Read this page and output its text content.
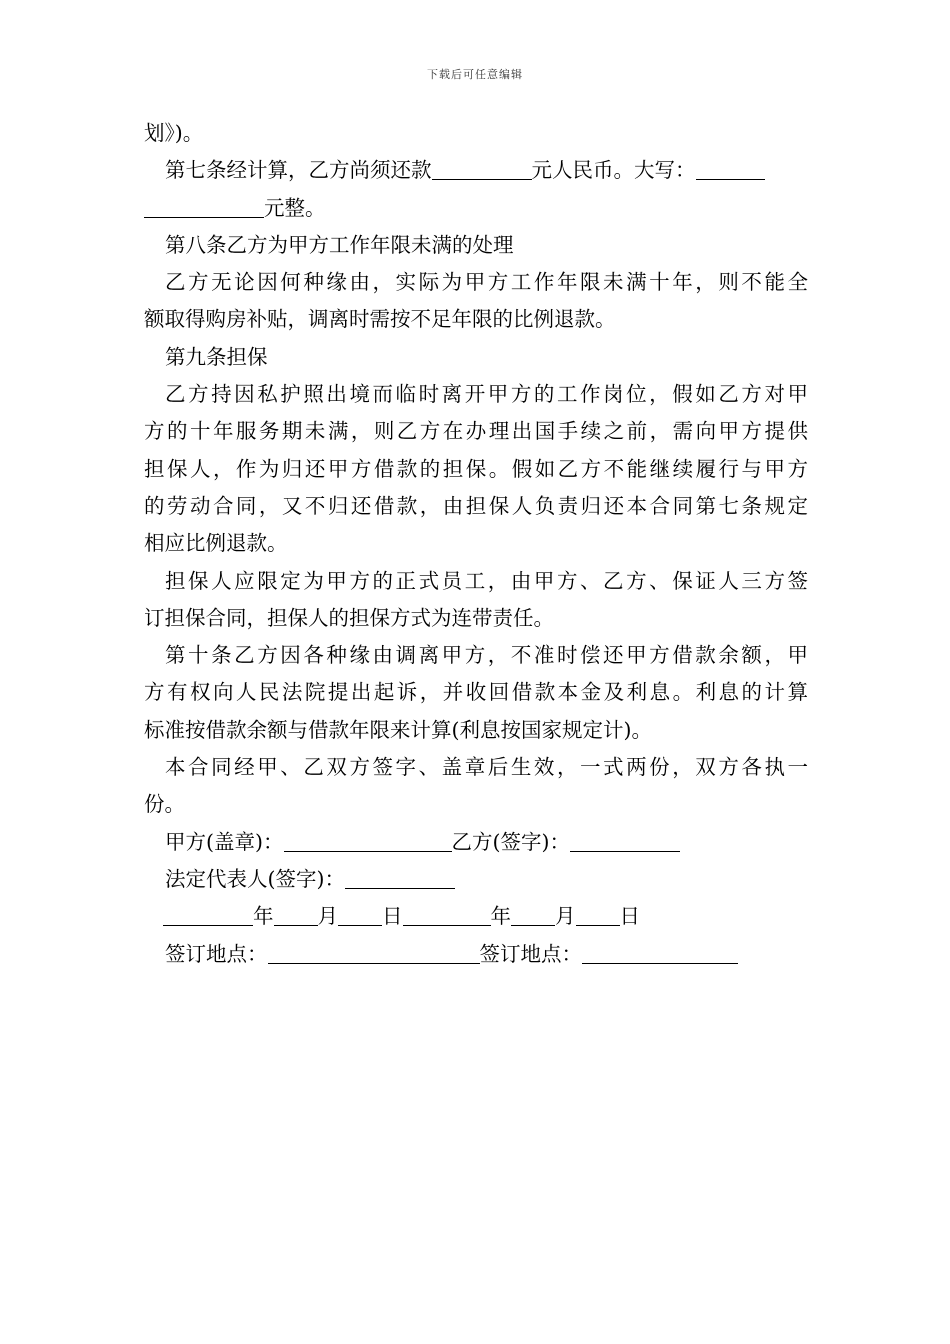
下载后可任意编辑
划》)。
第七条经计算，乙方尚须还款	元人民币。大写：
元整。
第八条乙方为甲方工作年限未满的处理
乙方无论因何种缘由，实际为甲方工作年限未满十年，则不能全
额取得购房补贴，调离时需按不足年限的比例退款。
第九条担保
乙方持因私护照出境而临时离开甲方的工作岗位，假如乙方对甲
方的十年服务期未满，则乙方在办理出国手续之前，需向甲方提供
担保人，作为归还甲方借款的担保。假如乙方不能继续履行与甲方
的劳动合同，又不归还借款，由担保人负责归还本合同第七条规定
相应比例退款。
担保人应限定为甲方的正式员工，由甲方、乙方、保证人三方签
订担保合同，担保人的担保方式为连带责任。
第十条乙方因各种缘由调离甲方，不准时偿还甲方借款余额，甲
方有权向人民法院提出起诉，并收回借款本金及利息。利息的计算
标准按借款余额与借款年限来计算(利息按国家规定计)。
本合同经甲、乙双方签字、盖章后生效，一式两份，双方各执一
份。
甲方(盖章)：	乙方(签字)：
法定代表人(签字)：
年 月 日	年 月 日
签订地点：	签订地点：
